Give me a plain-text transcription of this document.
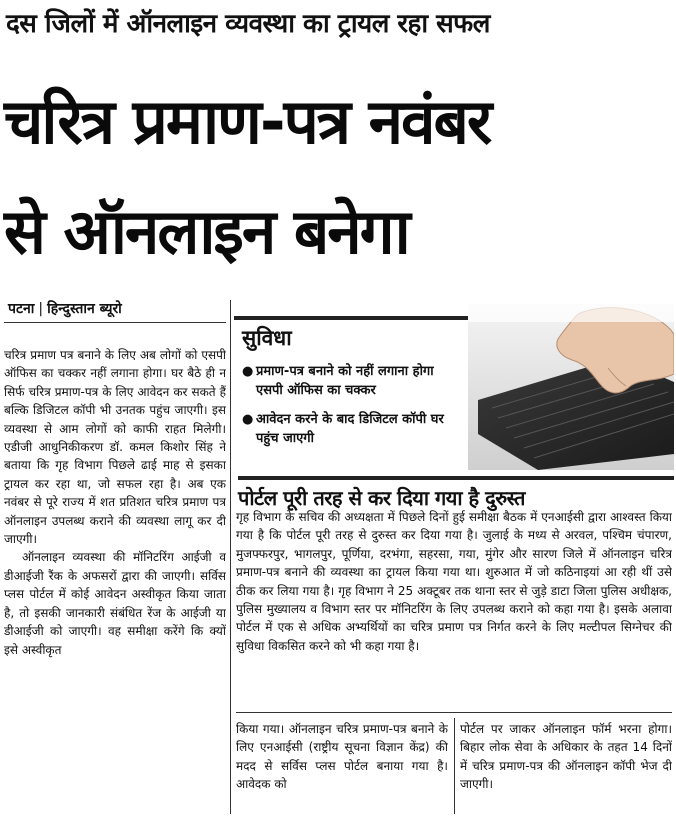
दस जिलों में ऑनलाइन व्यवस्था का ट्रायल रहा सफल
चरित्र प्रमाण-पत्र नवंबर
से ऑनलाइन बनेगा
पटना | हिन्दुस्तान ब्यूरो

चरित्र प्रमाण पत्र बनाने के लिए अब लोगों को एसपी ऑफिस का चक्कर नहीं लगाना होगा। घर बैठे ही न सिर्फ चरित्र प्रमाण-पत्र के लिए आवेदन कर सकते हैं बल्कि डिजिटल कॉपी भी उनतक पहुंच जाएगी। इस व्यवस्था से आम लोगों को काफी राहत मिलेगी। एडीजी आधुनिकीकरण डॉ. कमल किशोर सिंह ने बताया कि गृह विभाग पिछले ढाई माह से इसका ट्रायल कर रहा था, जो सफल रहा है। अब एक नवंबर से पूरे राज्य में शत प्रतिशत चरित्र प्रमाण पत्र ऑनलाइन उपलब्ध कराने की व्यवस्था लागू कर दी जाएगी।

ऑनलाइन व्यवस्था की मॉनिटरिंग आईजी व डीआईजी रैंक के अफसरों द्वारा की जाएगी। सर्विस प्लस पोर्टल में कोई आवेदन अस्वीकृत किया जाता है, तो इसकी जानकारी संबंधित रेंज के आईजी या डीआईजी को जाएगी। वह समीक्षा करेंगे कि क्यों इसे अस्वीकृत

सुविधा
● प्रमाण-पत्र बनाने को नहीं लगाना होगा एसपी ऑफिस का चक्कर
● आवेदन करने के बाद डिजिटल कॉपी घर पहुंच जाएगी
पोर्टल पूरी तरह से कर दिया गया है दुरुस्त

गृह विभाग के सचिव की अध्यक्षता में पिछले दिनों हुई समीक्षा बैठक में एनआईसी द्वारा आश्वस्त किया गया है कि पोर्टल पूरी तरह से दुरुस्त कर दिया गया है। जुलाई के मध्य से अरवल, पश्चिम चंपारण, मुजफ्फरपुर, भागलपुर, पूर्णिया, दरभंगा, सहरसा, गया, मुंगेर और सारण जिले में ऑनलाइन चरित्र प्रमाण-पत्र बनाने की व्यवस्था का ट्रायल किया गया था। शुरुआत में जो कठिनाइयां आ रही थीं उसे ठीक कर लिया गया है। गृह विभाग ने 25 अक्टूबर तक थाना स्तर से जुड़े डाटा जिला पुलिस अधीक्षक, पुलिस मुख्यालय व विभाग स्तर पर मॉनिटरिंग के लिए उपलब्ध कराने को कहा गया है। इसके अलावा पोर्टल में एक से अधिक अभ्यर्थियों का चरित्र प्रमाण पत्र निर्गत करने के लिए मल्टीपल सिग्नेचर की सुविधा विकसित करने को भी कहा गया है।

किया गया। ऑनलाइन चरित्र प्रमाण-पत्र बनाने के लिए एनआईसी (राष्ट्रीय सूचना विज्ञान केंद्र) की मदद से सर्विस प्लस पोर्टल बनाया गया है। आवेदक को

पोर्टल पर जाकर ऑनलाइन फॉर्म भरना होगा। बिहार लोक सेवा के अधिकार के तहत 14 दिनों में चरित्र प्रमाण-पत्र की ऑनलाइन कॉपी भेज दी जाएगी।
